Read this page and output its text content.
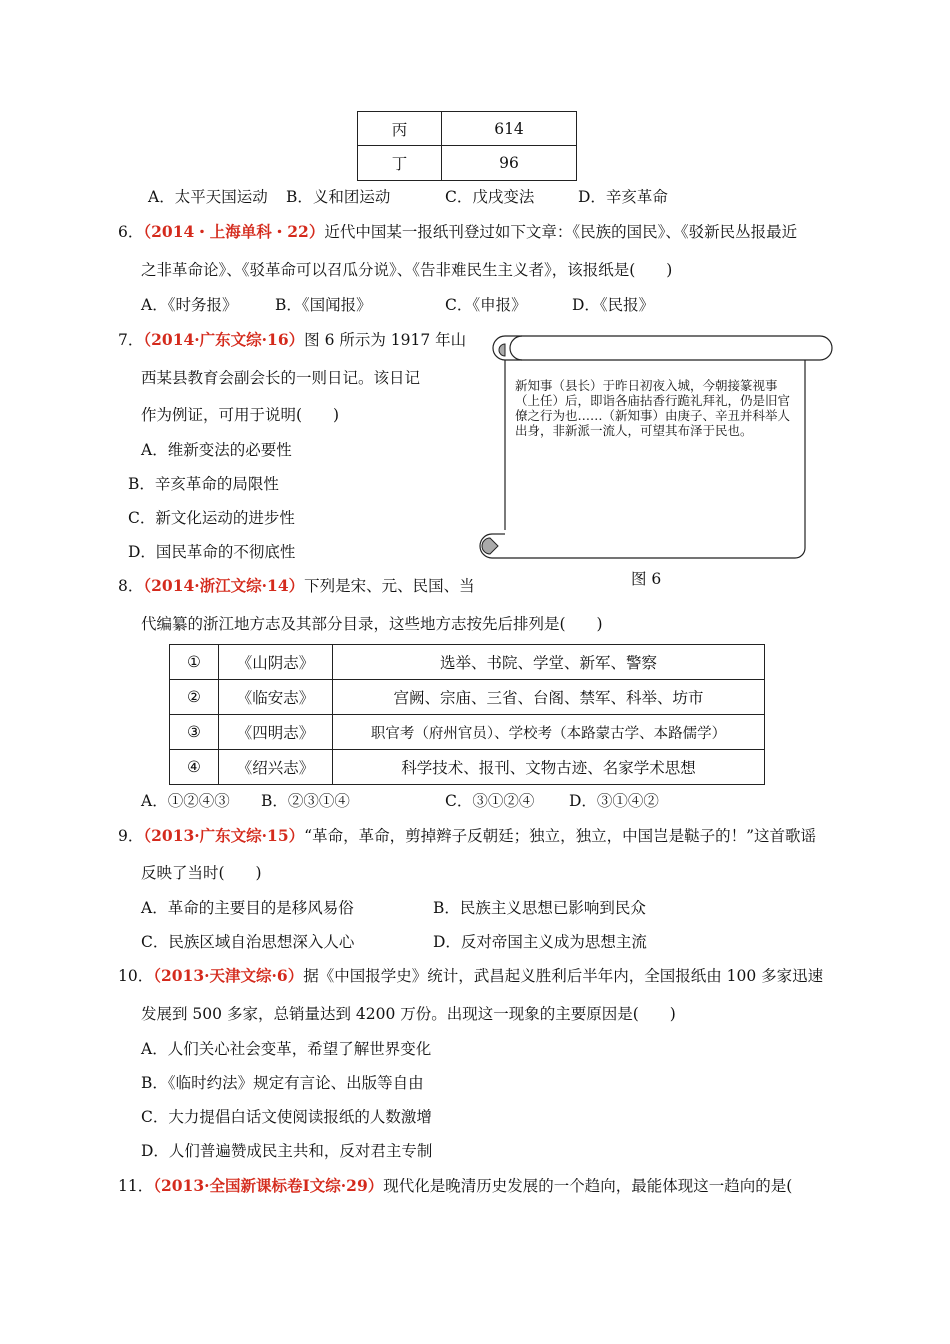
丙	614
丁	96
A．太平天国运动 B．义和团运动	C．戊戌变法	D．辛亥革命
6．（2014・上海单科・22）近代中国某一报纸刊登过如下文章：《民族的国民》、《驳新民丛报最近
之非革命论》、《驳革命可以召瓜分说》、《告非难民生主义者》，该报纸是(　　)
A．《时务报》 B．《国闻报》	C．《申报》	D．《民报》
7．（2014·广东文综·16）图 6 所示为 1917 年山
西某县教育会副会长的一则日记。该日记
作为例证，可用于说明(　　)
A．维新变法的必要性
B．辛亥革命的局限性
C．新文化运动的进步性
D．国民革命的不彻底性
新知事（县长）于昨日初夜入城，今朝接篆视事（上任）后，即诣各庙拈香行跪礼拜礼，仍是旧官僚之行为也……（新知事）由庚子、辛丑并科举人出身，非新派一流人，可望其布泽于民也。
图 6
8．（2014·浙江文综·14）下列是宋、元、民国、当
代编纂的浙江地方志及其部分目录，这些地方志按先后排列是(　　)
①	《山阴志》	选举、书院、学堂、新军、警察
②	《临安志》	宫阙、宗庙、三省、台阁、禁军、科举、坊市
③	《四明志》	职官考（府州官员）、学校考（本路蒙古学、本路儒学）
④	《绍兴志》	科学技术、报刊、文物古迹、名家学术思想
A．①②④③ B．②③①④	C．③①②④ D．③①④②
9．（2013·广东文综·15）“革命，革命，剪掉辫子反朝廷；独立，独立，中国岂是鞑子的！”这首歌谣
反映了当时(　　)
A．革命的主要目的是移风易俗	B．民族主义思想已影响到民众
C．民族区域自治思想深入人心	D．反对帝国主义成为思想主流
10．（2013·天津文综·6）据《中国报学史》统计，武昌起义胜利后半年内，全国报纸由 100 多家迅速
发展到 500 多家，总销量达到 4200 万份。出现这一现象的主要原因是(　　)
A．人们关心社会变革，希望了解世界变化
B．《临时约法》规定有言论、出版等自由
C．大力提倡白话文使阅读报纸的人数激增
D．人们普遍赞成民主共和，反对君主专制
11．（2013·全国新课标卷Ⅰ文综·29）现代化是晚清历史发展的一个趋向，最能体现这一趋向的是(
